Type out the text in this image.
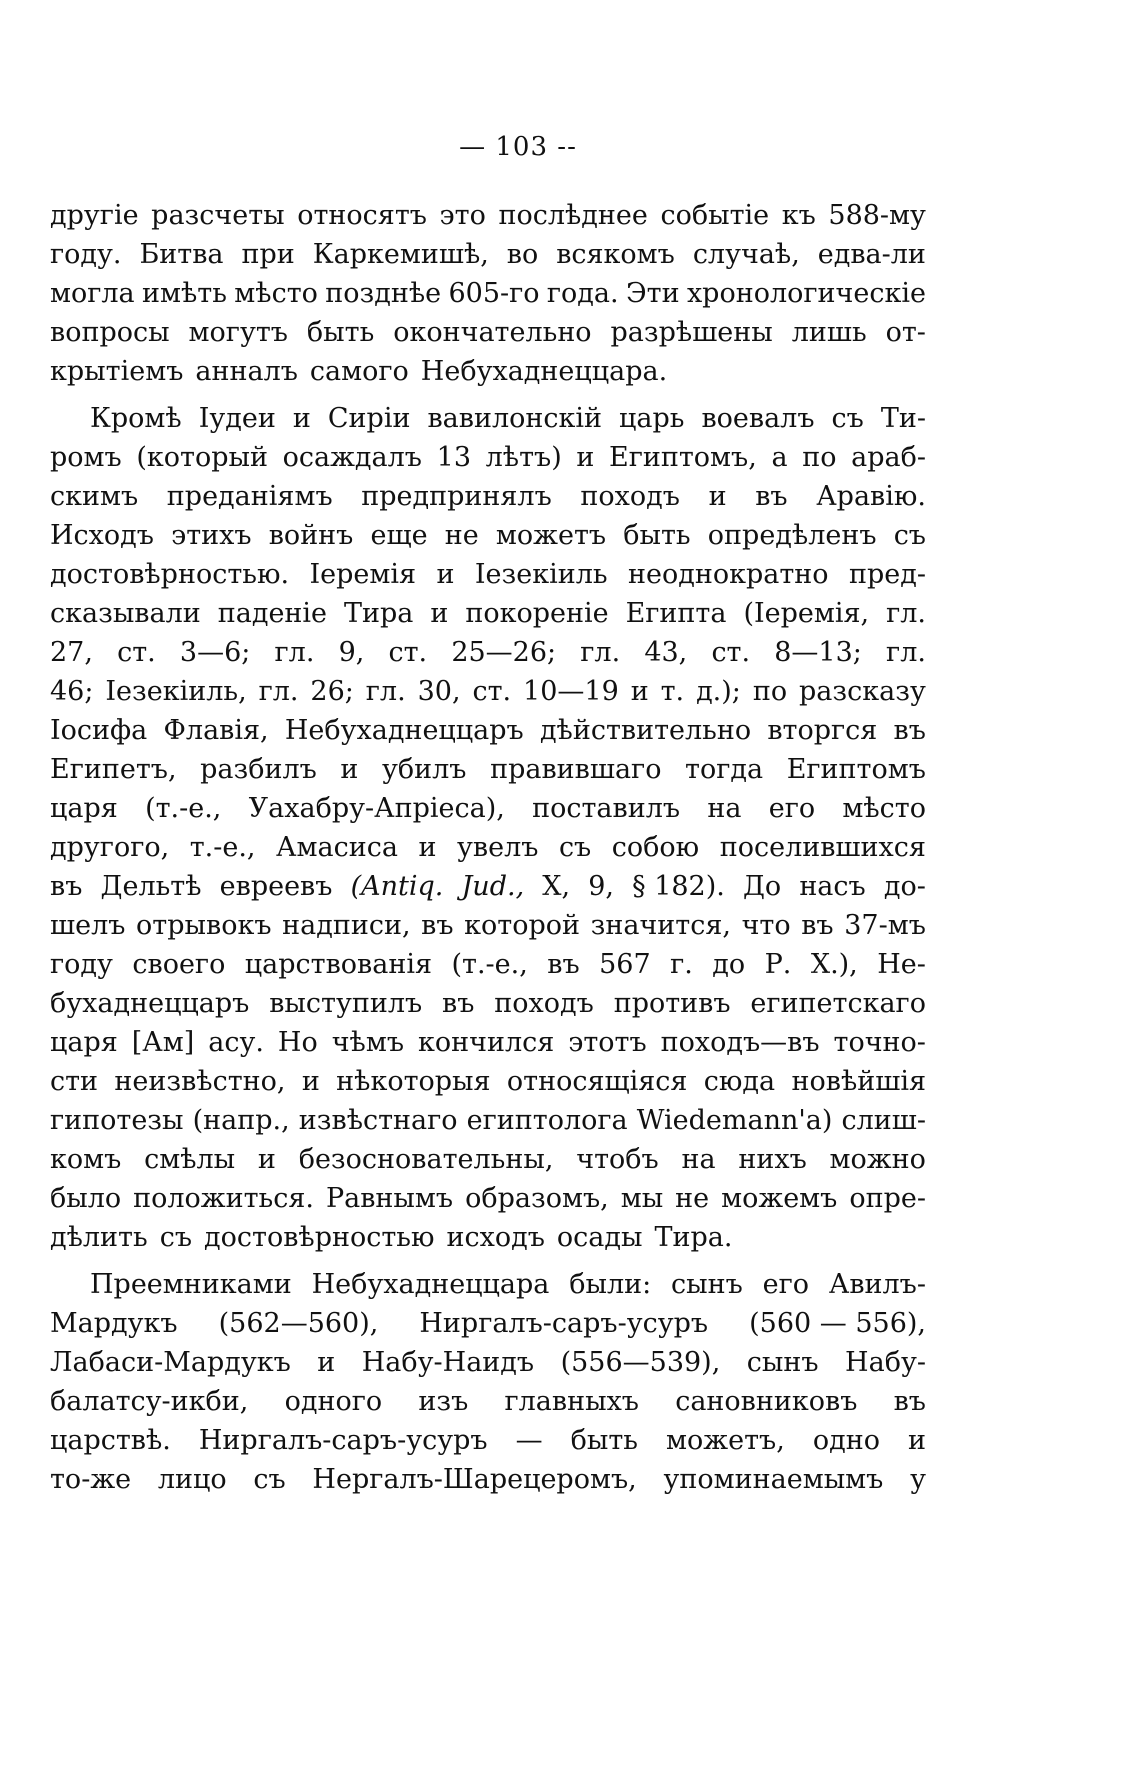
— 103 --
другіе разсчеты относятъ это послѣднее событіе къ 588-му
году. Битва при Каркемишѣ, во всякомъ случаѣ, едва-ли
могла имѣть мѣсто позднѣе 605-го года. Эти хронологическіе
вопросы могутъ быть окончательно разрѣшены лишь от-
крытіемъ анналъ самого Небухаднеццара.
Кромѣ Іудеи и Сиріи вавилонскій царь воевалъ съ Ти-
ромъ (который осаждалъ 13 лѣтъ) и Египтомъ, а по араб-
скимъ преданіямъ предпринялъ походъ и въ Аравію.
Исходъ этихъ войнъ еще не можетъ быть опредѣленъ съ
достовѣрностью. Іеремія и Іезекіиль неоднократно пред-
сказывали паденіе Тира и покореніе Египта (Іеремія, гл.
27, ст. 3—6; гл. 9, ст. 25—26; гл. 43, ст. 8—13; гл.
46; Іезекіиль, гл. 26; гл. 30, ст. 10—19 и т. д.); по разсказу
Іосифа Флавія, Небухаднеццаръ дѣйствительно вторгся въ
Египетъ, разбилъ и убилъ правившаго тогда Египтомъ
царя (т.-е., Уахабру-Апріеса), поставилъ на его мѣсто
другого, т.-е., Амасиса и увелъ съ собою поселившихся
въ Дельтѣ евреевъ (Antiq. Jud., X, 9, § 182). До насъ до-
шелъ отрывокъ надписи, въ которой значится, что въ 37-мъ
году своего царствованія (т.-е., въ 567 г. до Р. Х.), Не-
бухаднеццаръ выступилъ въ походъ противъ египетскаго
царя [Ам] асу. Но чѣмъ кончился этотъ походъ—въ точно-
сти неизвѣстно, и нѣкоторыя относящіяся сюда новѣйшія
гипотезы (напр., извѣстнаго египтолога Wiedemann'а) слиш-
комъ смѣлы и безосновательны, чтобъ на нихъ можно
было положиться. Равнымъ образомъ, мы не можемъ опре-
дѣлить съ достовѣрностью исходъ осады Тира.
Преемниками Небухаднеццара были: сынъ его Авилъ-
Мардукъ (562—560), Ниргалъ-саръ-усуръ (560 — 556),
Лабаси-Мардукъ и Набу-Наидъ (556—539), сынъ Набу-
балатсу-икби, одного изъ главныхъ сановниковъ въ
царствѣ. Ниргалъ-саръ-усуръ — быть можетъ, одно и
то-же лицо съ Нергалъ-Шарецеромъ, упоминаемымъ у
